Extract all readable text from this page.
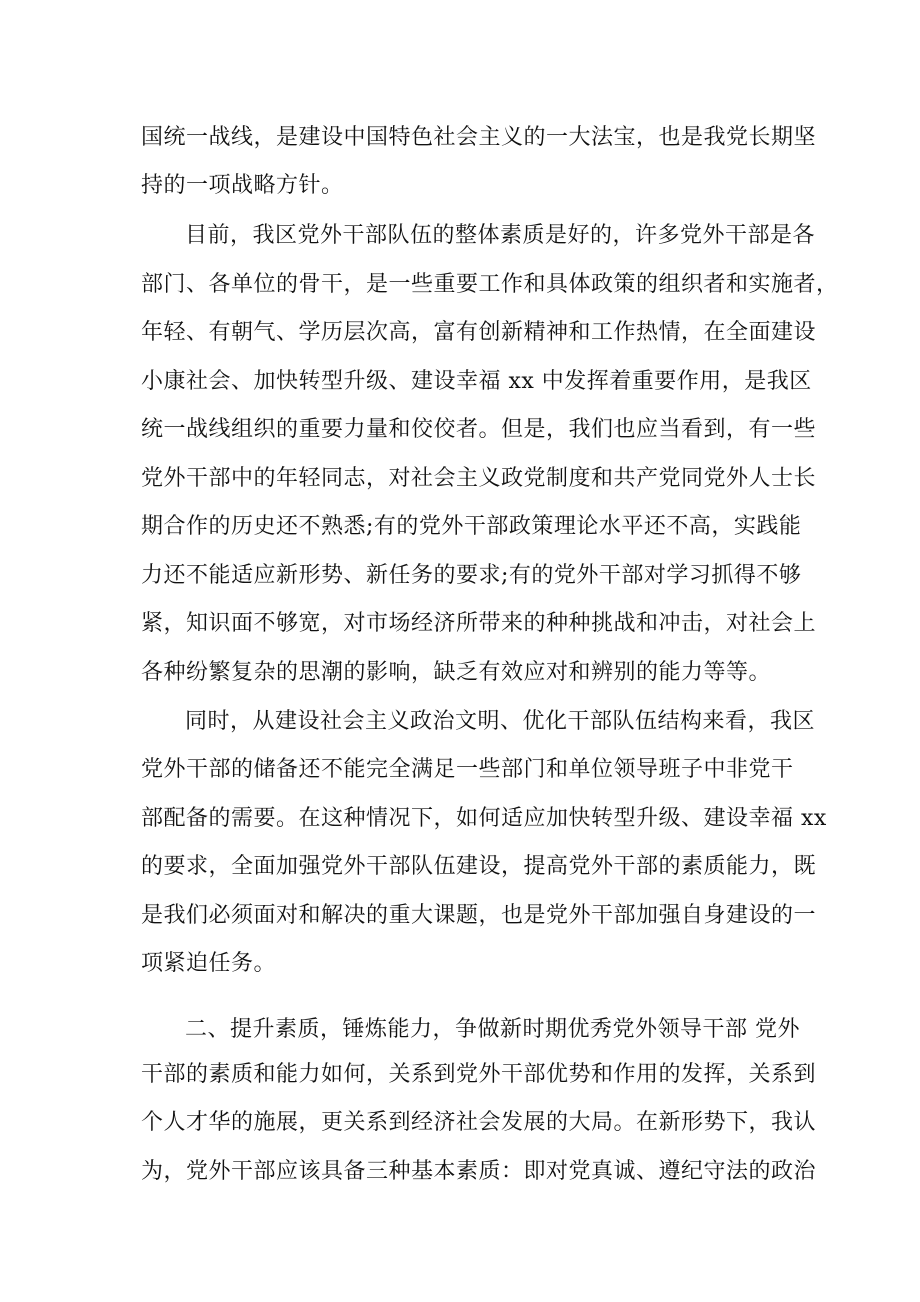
国统一战线，是建设中国特色社会主义的一大法宝，也是我党长期坚
持的一项战略方针。
目前，我区党外干部队伍的整体素质是好的，许多党外干部是各
部门、各单位的骨干，是一些重要工作和具体政策的组织者和实施者，
年轻、有朝气、学历层次高，富有创新精神和工作热情，在全面建设
小康社会、加快转型升级、建设幸福 xx 中发挥着重要作用，是我区
统一战线组织的重要力量和佼佼者。但是，我们也应当看到，有一些
党外干部中的年轻同志，对社会主义政党制度和共产党同党外人士长
期合作的历史还不熟悉;有的党外干部政策理论水平还不高，实践能
力还不能适应新形势、新任务的要求;有的党外干部对学习抓得不够
紧，知识面不够宽，对市场经济所带来的种种挑战和冲击，对社会上
各种纷繁复杂的思潮的影响，缺乏有效应对和辨别的能力等等。
同时，从建设社会主义政治文明、优化干部队伍结构来看，我区
党外干部的储备还不能完全满足一些部门和单位领导班子中非党干
部配备的需要。在这种情况下，如何适应加快转型升级、建设幸福 xx
的要求，全面加强党外干部队伍建设，提高党外干部的素质能力，既
是我们必须面对和解决的重大课题，也是党外干部加强自身建设的一
项紧迫任务。
二、提升素质，锤炼能力，争做新时期优秀党外领导干部 党外
干部的素质和能力如何，关系到党外干部优势和作用的发挥，关系到
个人才华的施展，更关系到经济社会发展的大局。在新形势下，我认
为，党外干部应该具备三种基本素质：即对党真诚、遵纪守法的政治
